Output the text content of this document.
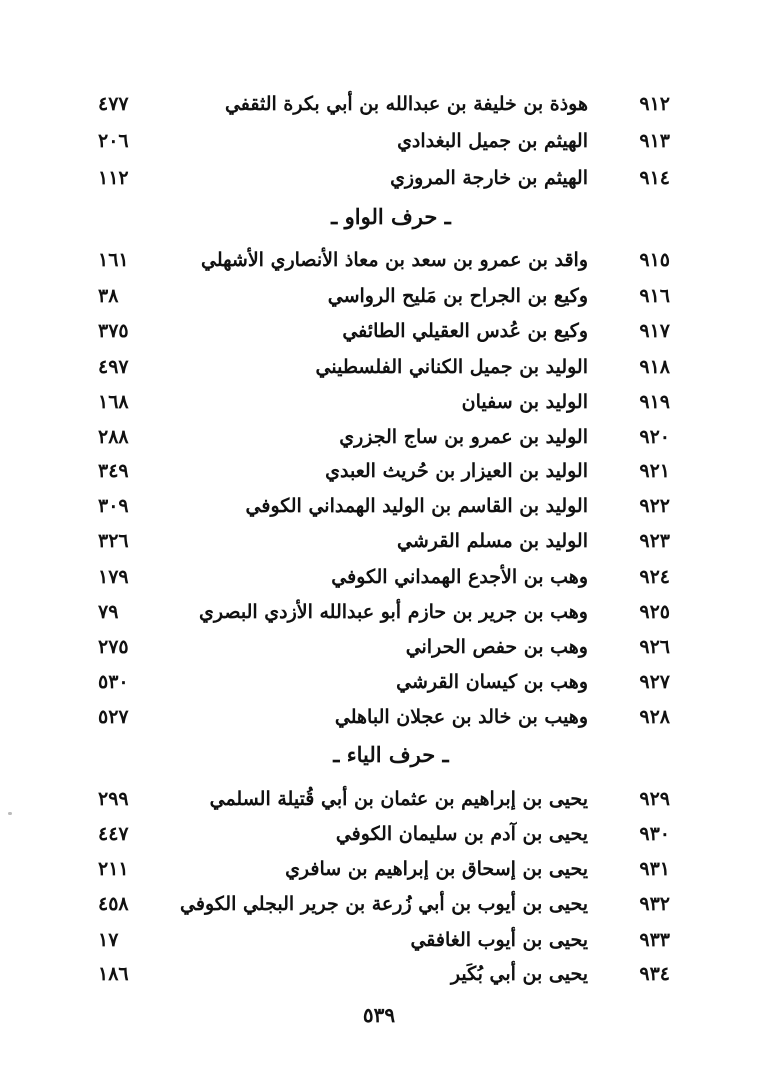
٩١٢
هوذة بن خليفة بن عبدالله بن أبي بكرة الثقفي
٤٧٧
٩١٣
الهيثم بن جميل البغدادي
٢٠٦
٩١٤
الهيثم بن خارجة المروزي
١١٢
ـ حرف الواو ـ
٩١٥
واقد بن عمرو بن سعد بن معاذ الأنصاري الأشهلي
١٦١
٩١٦
وكيع بن الجراح بن مَليح الرواسي
٣٨
٩١٧
وكيع بن عُدس العقيلي الطائفي
٣٧٥
٩١٨
الوليد بن جميل الكناني الفلسطيني
٤٩٧
٩١٩
الوليد بن سفيان
١٦٨
٩٢٠
الوليد بن عمرو بن ساج الجزري
٢٨٨
٩٢١
الوليد بن العيزار بن حُريث العبدي
٣٤٩
٩٢٢
الوليد بن القاسم بن الوليد الهمداني الكوفي
٣٠٩
٩٢٣
الوليد بن مسلم القرشي
٣٢٦
٩٢٤
وهب بن الأجدع الهمداني الكوفي
١٧٩
٩٢٥
وهب بن جرير بن حازم أبو عبدالله الأزدي البصري
٧٩
٩٢٦
وهب بن حفص الحراني
٢٧٥
٩٢٧
وهب بن كيسان القرشي
٥٣٠
٩٢٨
وهيب بن خالد بن عجلان الباهلي
٥٢٧
ـ حرف الياء ـ
٩٢٩
يحيى بن إبراهيم بن عثمان بن أبي قُتيلة السلمي
٢٩٩
٩٣٠
يحيى بن آدم بن سليمان الكوفي
٤٤٧
٩٣١
يحيى بن إسحاق بن إبراهيم بن سافري
٢١١
٩٣٢
يحيى بن أيوب بن أبي زُرعة بن جرير البجلي الكوفي
٤٥٨
٩٣٣
يحيى بن أيوب الغافقي
١٧
٩٣٤
يحيى بن أبي بُكَير
١٨٦
٥٣٩
